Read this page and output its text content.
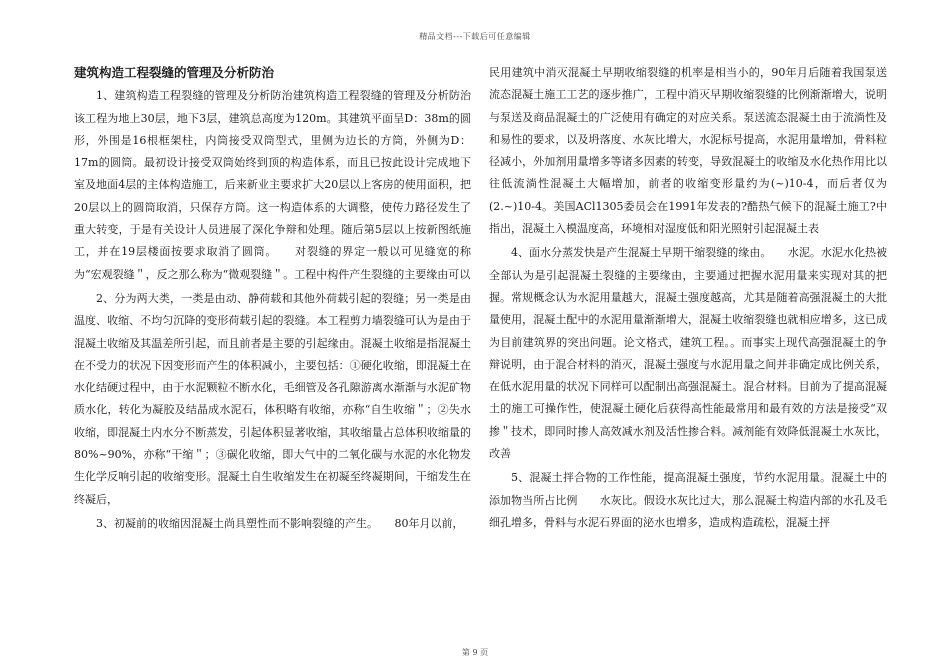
精品文档---下载后可任意编辑
建筑构造工程裂缝的管理及分析防治

1、建筑构造工程裂缝的管理及分析防治建筑构造工程裂缝的管理及分析防治　　该工程为地上30层，地下3层，建筑总高度为120m。其建筑平面呈D：38m的圆形，外围是16根框架柱，内筒接受双筒型式，里侧为边长的方筒，外侧为D：17m的圆筒。最初设计接受双筒始终到顶的构造体系，而且已按此设计完成地下室及地面4层的主体构造施工，后来新业主要求扩大20层以上客房的使用面积，把20层以上的圆筒取消，只保存方筒。这一构造体系的大调整，使传力路径发生了重大转变，于是有关设计人员进展了深化争辩和处理。随后第5层以上按新图纸施工，并在19层楼面按要求取消了圆筒。　　对裂缝的界定一般以可见缝宽的称为“宏观裂缝＂，反之那么称为“微观裂缝＂。工程中构件产生裂缝的主要缘由可以

2、分为两大类，一类是由动、静荷载和其他外荷载引起的裂缝；另一类是由温度、收缩、不均匀沉降的变形荷载引起的裂缝。本工程剪力墙裂缝可认为是由于混凝土收缩及其温差所引起，而且前者是主要的引起缘由。混凝土收缩是指混凝土在不受力的状况下因变形而产生的体积减小，主要包括：①硬化收缩，即混凝土在水化结硬过程中，由于水泥颗粒不断水化，毛细管及各孔隙游离水渐渐与水泥矿物质水化，转化为凝胶及结晶成水泥石，体积略有收缩，亦称“自生收缩＂；②失水收缩，即混凝土内水分不断蒸发，引起体积显著收缩，其收缩量占总体积收缩量的80%~90%，亦称“干缩＂；③碳化收缩，即大气中的二氧化碳与水泥的水化物发生化学反响引起的收缩变形。混凝土自生收缩发生在初凝至终凝期间，干缩发生在终凝后，

3、初凝前的收缩因混凝土尚具塑性而不影响裂缝的产生。　　80年月以前，

民用建筑中消灭混凝土早期收缩裂缝的机率是相当小的，90年月后随着我国泵送流态混凝土施工工艺的逐步推广，工程中消灭早期收缩裂缝的比例渐渐增大，说明与泵送及商品混凝土的广泛使用有确定的对应关系。泵送流态混凝土由于流淌性及和易性的要求，以及坍落度、水灰比增大，水泥标号提高，水泥用量增加，骨料粒径减小，外加剂用量增多等诸多因素的转变，导致混凝土的收缩及水化热作用比以往低流淌性混凝土大幅增加，前者的收缩变形量约为(~)10-4，而后者仅为(2.~)10-4。美国ACl1305委员会在1991年发表的?酷热气候下的混凝土施工?中指出，混凝土入模温度高，环境相对湿度低和阳光照射引起混凝土表

4、面水分蒸发快是产生混凝土早期干缩裂缝的缘由。　　水泥。水泥水化热被全部认为是引起混凝土裂缝的主要缘由，主要通过把握水泥用量来实现对其的把握。常规概念认为水泥用量越大，混凝土强度越高，尤其是随着高强混凝土的大批量使用，混凝土配中的水泥用量渐渐增大，混凝土收缩裂缝也就相应增多，这已成为目前建筑界的突出问题。论文格式，建筑工程。。而事实上现代高强混凝土的争辩说明，由于混合材料的消灭，混凝土强度与水泥用量之间并非确定成比例关系，在低水泥用量的状况下同样可以配制出高强混凝土。混合材料。目前为了提高混凝土的施工可操作性，使混凝土硬化后获得高性能最常用和最有效的方法是接受“双掺＂技术，即同时掺人高效减水剂及活性掺合料。减剂能有效降低混凝土水灰比，改善

5、混凝土拌合物的工作性能，提高混凝土强度，节约水泥用量。混凝土中的添加物当所占比例　　水灰比。假设水灰比过大，那么混凝土构造内部的水孔及毛细孔增多，骨料与水泥石界面的泌水也增多，造成构造疏松，混凝土抨

第 9 页
